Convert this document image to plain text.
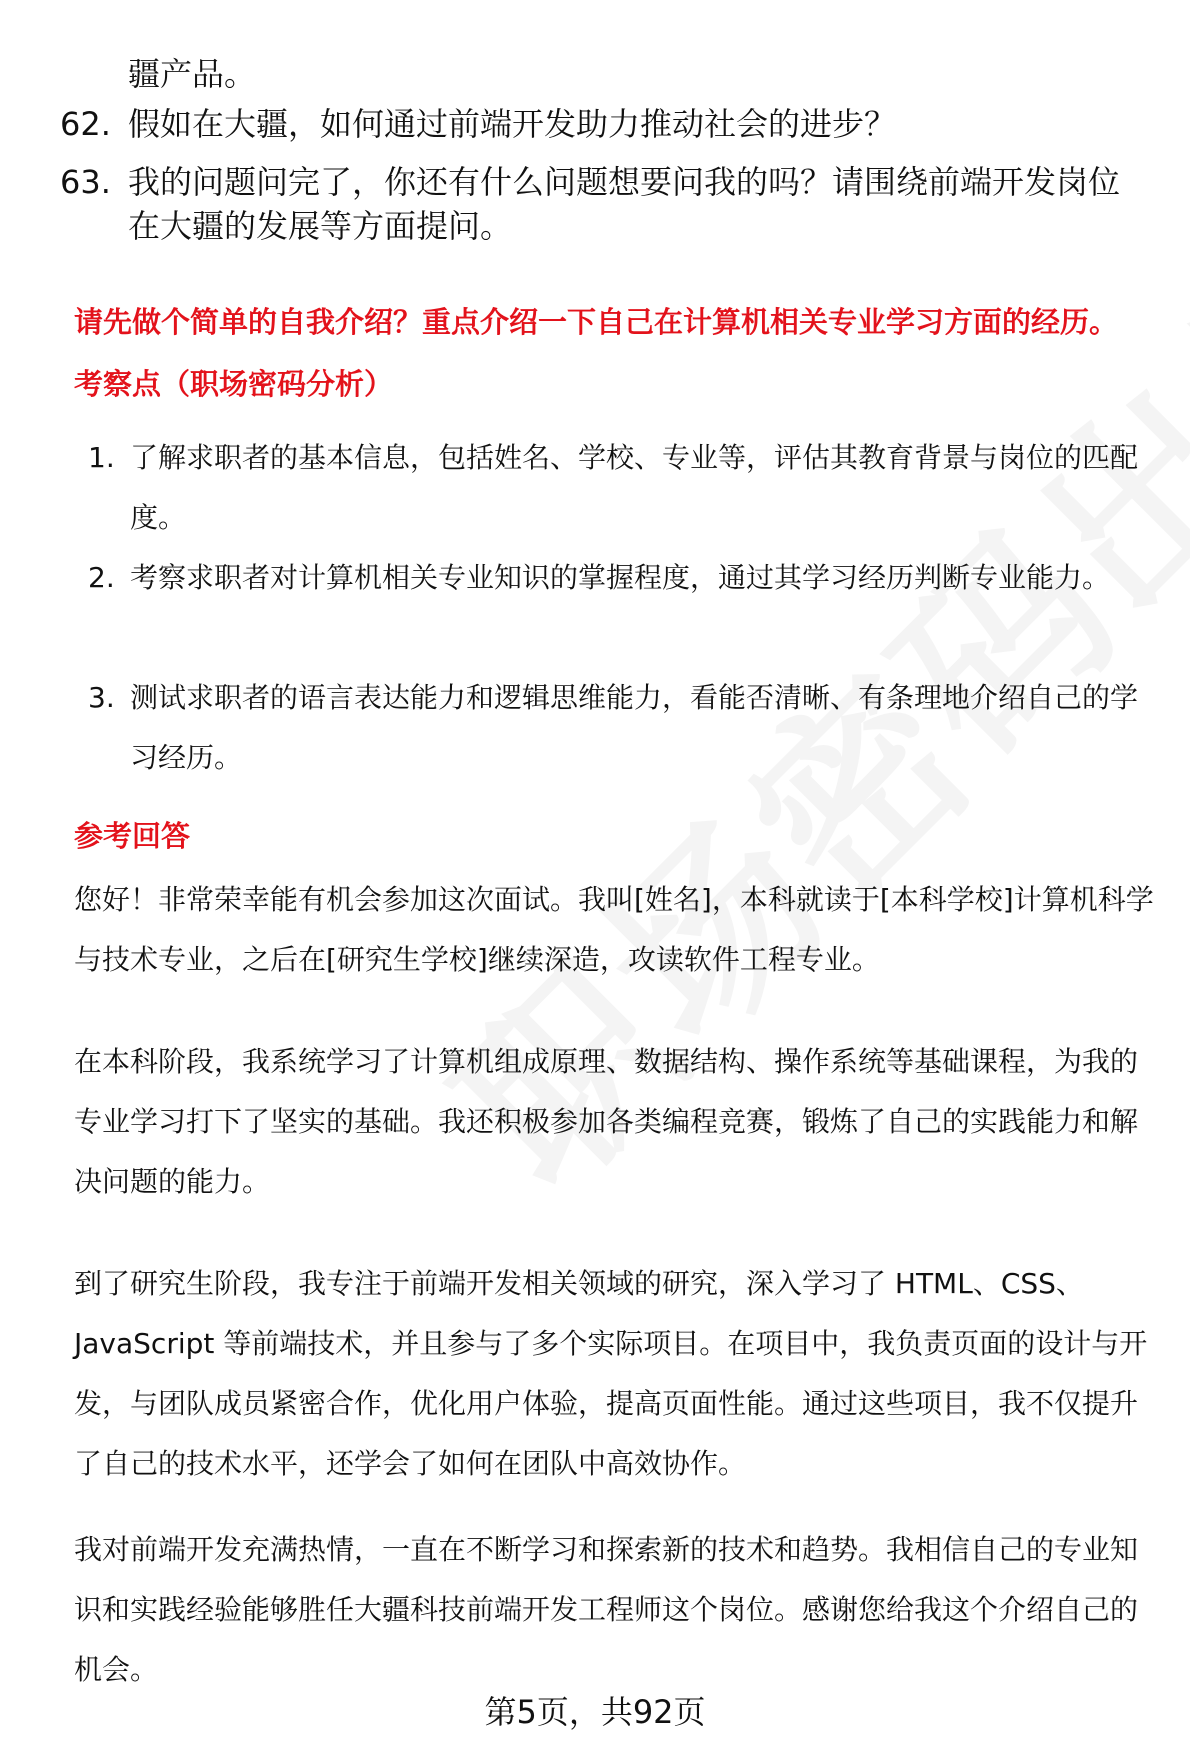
疆产品。
62. 假如在大疆，如何通过前端开发助力推动社会的进步？
63. 我的问题问完了，你还有什么问题想要问我的吗？请围绕前端开发岗位在大疆的发展等方面提问。
请先做个简单的自我介绍？重点介绍一下自己在计算机相关专业学习方面的经历。
考察点（职场密码分析）
1. 了解求职者的基本信息，包括姓名、学校、专业等，评估其教育背景与岗位的匹配度。
2. 考察求职者对计算机相关专业知识的掌握程度，通过其学习经历判断专业能力。
3. 测试求职者的语言表达能力和逻辑思维能力，看能否清晰、有条理地介绍自己的学习经历。
参考回答
您好！非常荣幸能有机会参加这次面试。我叫[姓名]，本科就读于[本科学校]计算机科学与技术专业，之后在[研究生学校]继续深造，攻读软件工程专业。
在本科阶段，我系统学习了计算机组成原理、数据结构、操作系统等基础课程，为我的专业学习打下了坚实的基础。我还积极参加各类编程竞赛，锻炼了自己的实践能力和解决问题的能力。
到了研究生阶段，我专注于前端开发相关领域的研究，深入学习了 HTML、CSS、JavaScript 等前端技术，并且参与了多个实际项目。在项目中，我负责页面的设计与开发，与团队成员紧密合作，优化用户体验，提高页面性能。通过这些项目，我不仅提升了自己的技术水平，还学会了如何在团队中高效协作。
我对前端开发充满热情，一直在不断学习和探索新的技术和趋势。我相信自己的专业知识和实践经验能够胜任大疆科技前端开发工程师这个岗位。感谢您给我这个介绍自己的机会。
第5页，共92页
